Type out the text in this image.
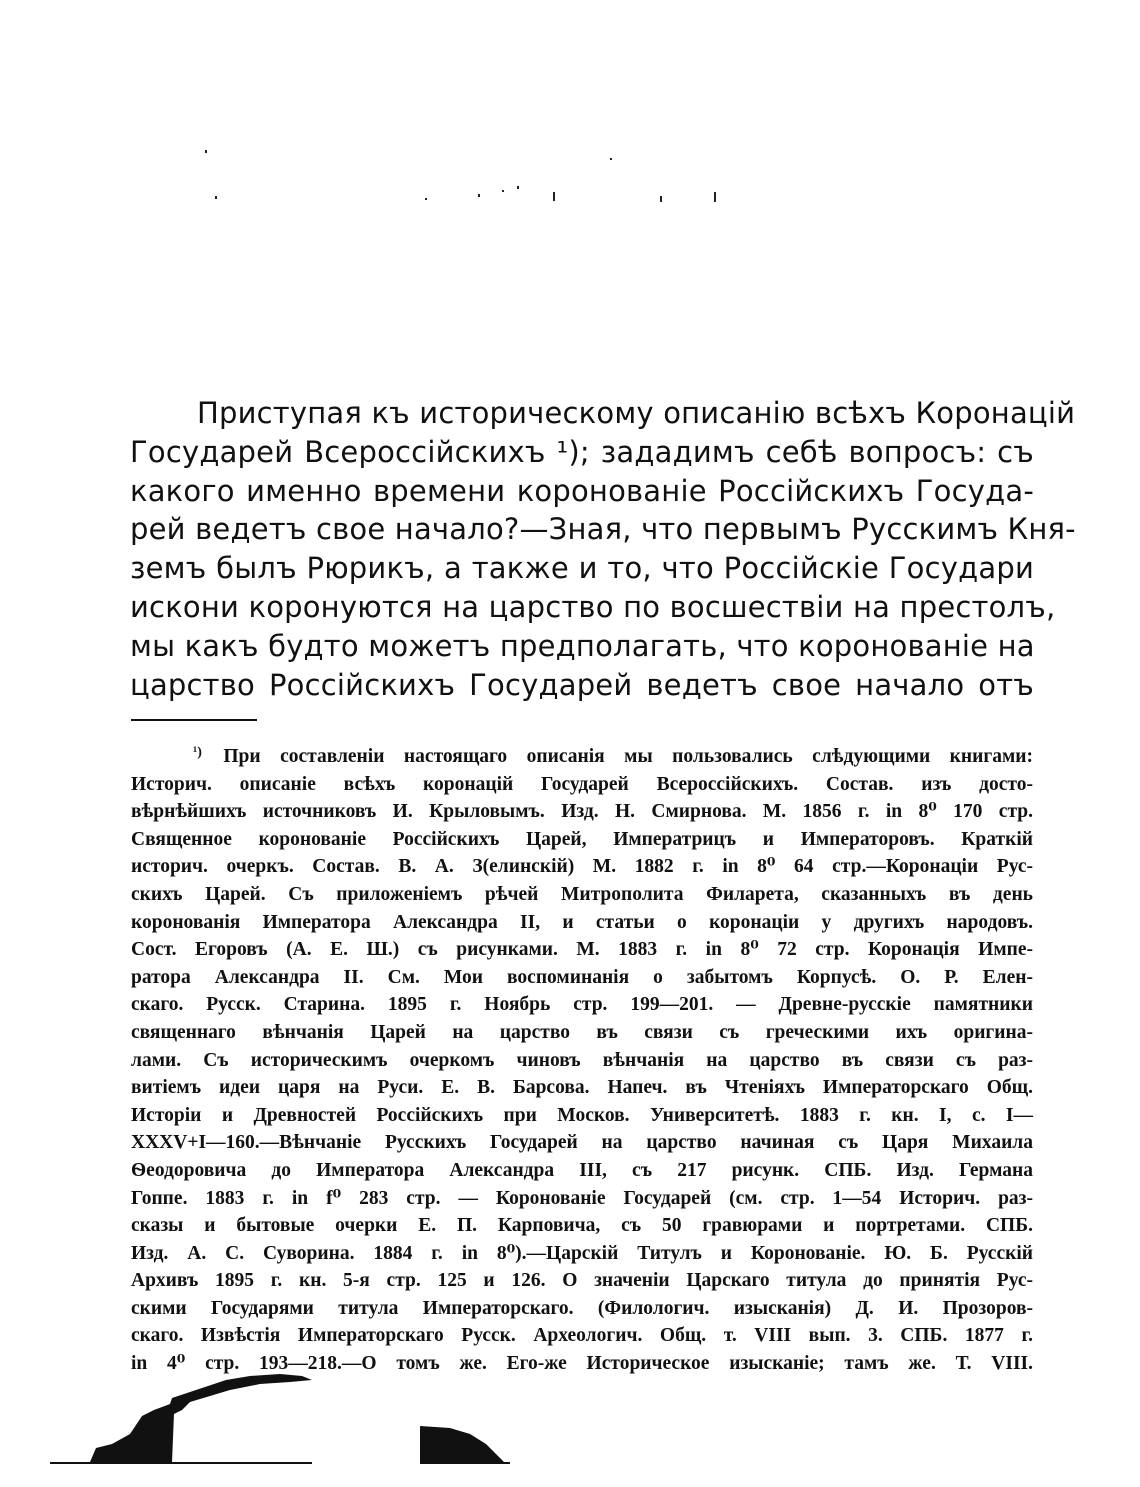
Приступая къ историческому описанію всѣхъ Коронацій
Государей Всероссійскихъ ¹); зададимъ себѣ вопросъ: съ
какого именно времени коронованіе Россійскихъ Госуда-
рей ведетъ свое начало?—Зная, что первымъ Русскимъ Кня-
земъ былъ Рюрикъ, а также и то, что Россійскіе Государи
искони коронуются на царство по восшествіи на престолъ,
мы какъ будто можетъ предполагать, что коронованіе на
царство Россійскихъ Государей ведетъ свое начало отъ
$^{^1)}$ При составленіи настоящаго описанія мы пользовались слѣдующими книгами:
Историч. описаніе всѣхъ коронацій Государей Всероссійскихъ. Состав. изъ досто-
вѣрнѣйшихъ источниковъ И. Крыловымъ. Изд. Н. Смирнова. М. 1856 г. in 8⁰ 170 стр.
Священное коронованіе Россійскихъ Царей, Императрицъ и Императоровъ. Краткій
историч. очеркъ. Состав. В. А. З(елинскій) М. 1882 г. in 8⁰ 64 стр.—Коронаціи Рус-
скихъ Царей. Съ приложеніемъ рѣчей Митрополита Филарета, сказанныхъ въ день
коронованія Императора Александра II, и статьи о коронаціи у другихъ народовъ.
Сост. Егоровъ (А. Е. Ш.) съ рисунками. М. 1883 г. in 8⁰ 72 стр. Коронація Импе-
ратора Александра II. См. Мои воспоминанія о забытомъ Корпусѣ. О. Р. Елен-
скаго. Русск. Старина. 1895 г. Ноябрь стр. 199—201. — Древне-русскіе памятники
священнаго вѣнчанія Царей на царство въ связи съ греческими ихъ оригина-
лами. Съ историческимъ очеркомъ чиновъ вѣнчанія на царство въ связи съ раз-
витіемъ идеи царя на Руси. Е. В. Барсова. Напеч. въ Чтеніяхъ Императорскаго Общ.
Исторіи и Древностей Россійскихъ при Москов. Университетѣ. 1883 г. кн. I, с. I—
XXXV+I—160.—Вѣнчаніе Русскихъ Государей на царство начиная съ Царя Михаила
Ѳеодоровича до Императора Александра III, съ 217 рисунк. СПБ. Изд. Германа
Гоппе. 1883 г. in f⁰ 283 стр. — Коронованіе Государей (см. стр. 1—54 Историч. раз-
сказы и бытовые очерки Е. П. Карповича, съ 50 гравюрами и портретами. СПБ.
Изд. А. С. Суворина. 1884 г. in 8⁰).—Царскій Титулъ и Коронованіе. Ю. Б. Русскій
Архивъ 1895 г. кн. 5-я стр. 125 и 126. О значеніи Царскаго титула до принятія Рус-
скими Государями титула Императорскаго. (Филологич. изысканія) Д. И. Прозоров-
скаго. Извѣстія Императорскаго Русск. Археологич. Общ. т. VIII вып. 3. СПБ. 1877 г.
in 4⁰ стр. 193—218.—О томъ же. Его-же Историческое изысканіе; тамъ же. Т. VIII.
